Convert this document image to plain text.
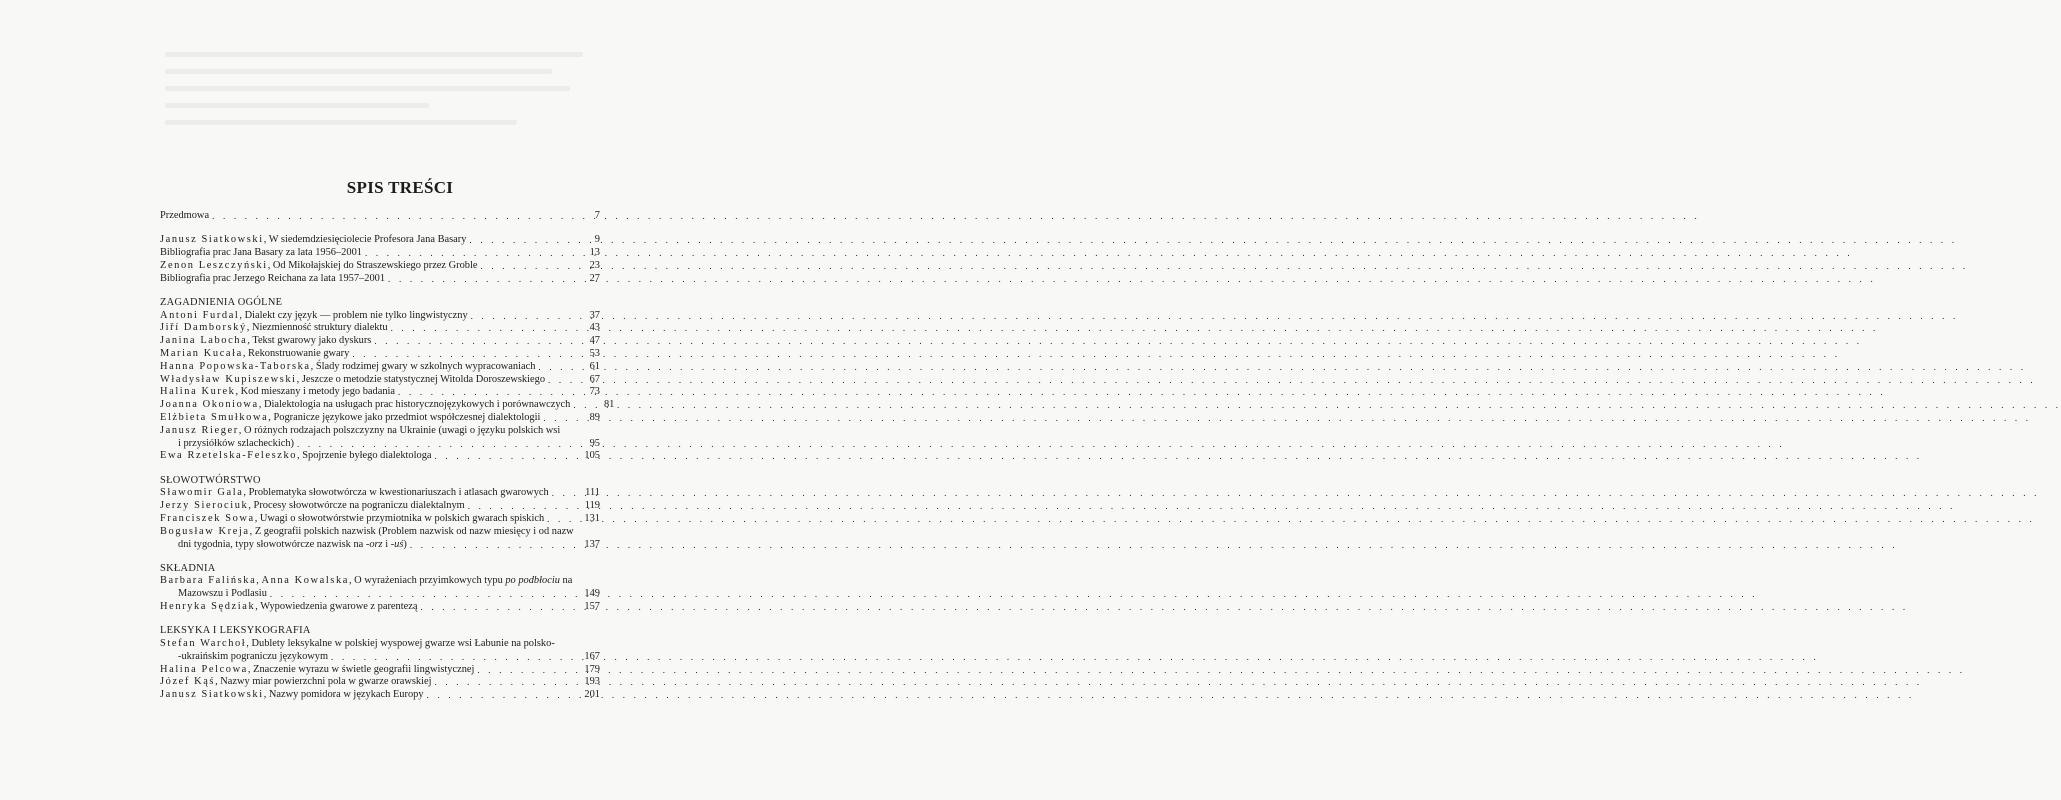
SPIS TREŚCI
Przedmowa . . .	7
Janusz Siatkowski, W siedemdziesięciolecie Profesora Jana Basary . . .	9
Bibliografia prac Jana Basary za lata 1956–2001 . . .	13
Zenon Leszczyński, Od Mikołajskiej do Straszewskiego przez Groble . . .	23
Bibliografia prac Jerzego Reichana za lata 1957–2001 . . .	27
ZAGADNIENIA OGÓLNE
Antoni Furdal, Dialekt czy język — problem nie tylko lingwistyczny . . .	37
Jiří Damborský, Niezmienność struktury dialektu . . .	43
Janina Labocha, Tekst gwarowy jako dyskurs . . .	47
Marian Kucała, Rekonstruowanie gwary . . .	53
Hanna Popowska-Taborska, Ślady rodzimej gwary w szkolnych wypracowaniach . . .	61
Władysław Kupiszewski, Jeszcze o metodzie statystycznej Witolda Doroszewskiego . . .	67
Halina Kurek, Kod mieszany i metody jego badania . . .	73
Joanna Okoniowa, Dialektologia na usługach prac historycznojęzykowych i porównawczych . . .	81
Elżbieta Smułkowa, Pogranicze językowe jako przedmiot współczesnej dialektologii . . .	89
Janusz Rieger, O różnych rodzajach polszczyzny na Ukrainie (uwagi o języku polskich wsi
i przysiółków szlacheckich) . . .	95
Ewa Rzetelska-Feleszko, Spojrzenie byłego dialektologa . . .	105
SŁOWOTWÓRSTWO
Sławomir Gala, Problematyka słowotwórcza w kwestionariuszach i atlasach gwarowych . . .	111
Jerzy Sierociuk, Procesy słowotwórcze na pograniczu dialektalnym . . .	119
Franciszek Sowa, Uwagi o słowotwórstwie przymiotnika w polskich gwarach spiskich . . .	131
Bogusław Kreja, Z geografii polskich nazwisk (Problem nazwisk od nazw miesięcy i od nazw
dni tygodnia, typy słowotwórcze nazwisk na -orz i -uś) . . .	137
SKŁADNIA
Barbara Falińska, Anna Kowalska, O wyrażeniach przyimkowych typu po podbłociu na
Mazowszu i Podlasiu . . .	149
Henryka Sędziak, Wypowiedzenia gwarowe z parentezą . . .	157
LEKSYKA I LEKSYKOGRAFIA
Stefan Warchoł, Dublety leksykalne w polskiej wyspowej gwarze wsi Łabunie na polsko-
-ukraińskim pograniczu językowym . . .	167
Halina Pelcowa, Znaczenie wyrazu w świetle geografii lingwistycznej . . .	179
Józef Kąś, Nazwy miar powierzchni pola w gwarze orawskiej . . .	193
Janusz Siatkowski, Nazwy pomidora w językach Europy . . .	201
